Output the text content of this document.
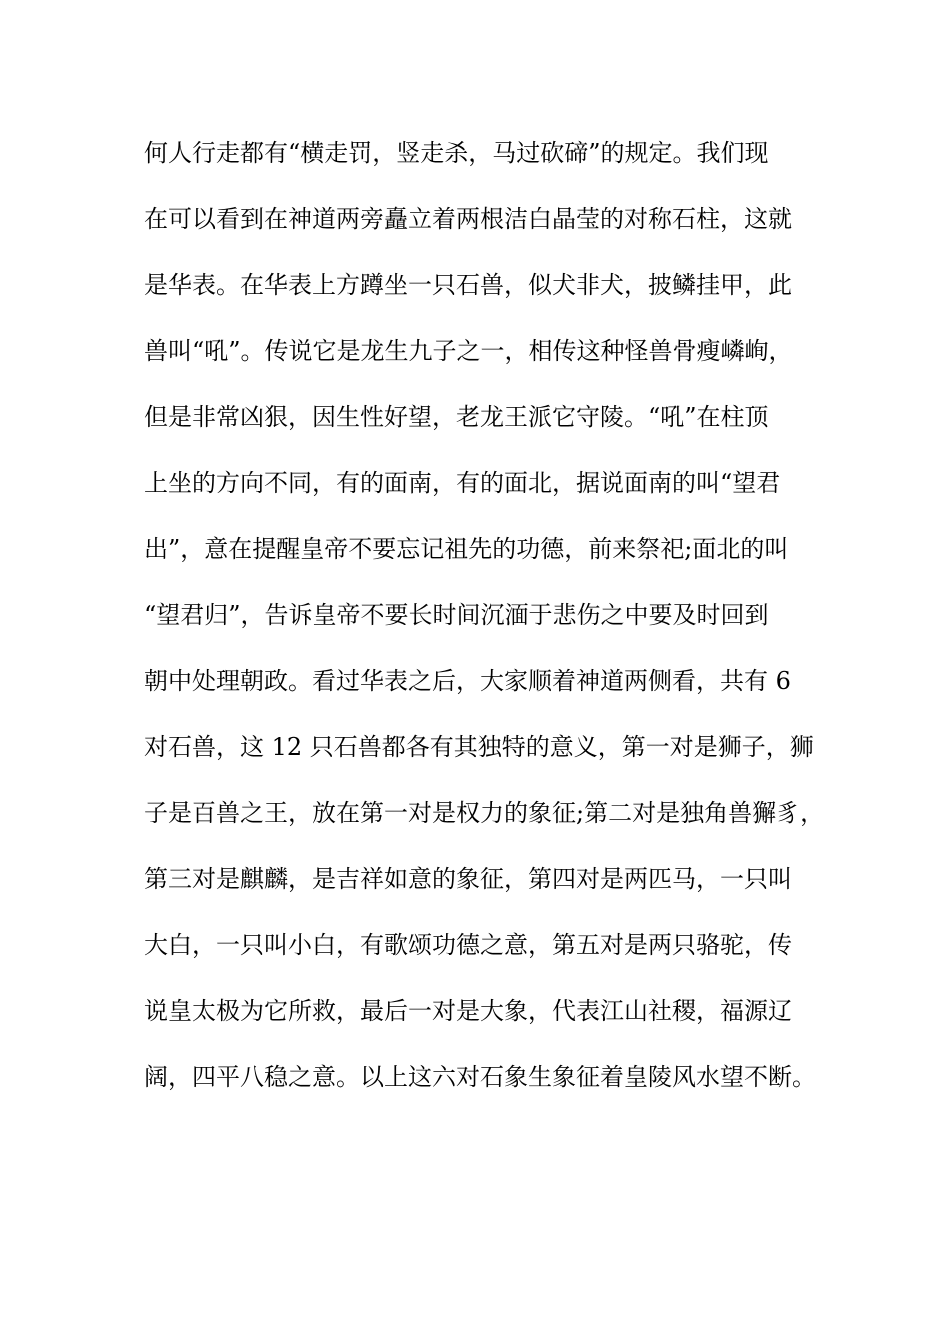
何人行走都有“横走罚，竖走杀，马过砍碲”的规定。我们现
在可以看到在神道两旁矗立着两根洁白晶莹的对称石柱，这就
是华表。在华表上方蹲坐一只石兽，似犬非犬，披鳞挂甲，此
兽叫“吼”。传说它是龙生九子之一，相传这种怪兽骨瘦嶙峋，
但是非常凶狠，因生性好望，老龙王派它守陵。“吼”在柱顶
上坐的方向不同，有的面南，有的面北，据说面南的叫“望君
出”，意在提醒皇帝不要忘记祖先的功德，前来祭祀;面北的叫
“望君归”，告诉皇帝不要长时间沉湎于悲伤之中要及时回到
朝中处理朝政。看过华表之后，大家顺着神道两侧看，共有 6
对石兽，这 12 只石兽都各有其独特的意义，第一对是狮子，狮
子是百兽之王，放在第一对是权力的象征;第二对是独角兽獬豸，
第三对是麒麟，是吉祥如意的象征，第四对是两匹马，一只叫
大白，一只叫小白，有歌颂功德之意，第五对是两只骆驼，传
说皇太极为它所救，最后一对是大象，代表江山社稷，福源辽
阔，四平八稳之意。以上这六对石象生象征着皇陵风水望不断。
